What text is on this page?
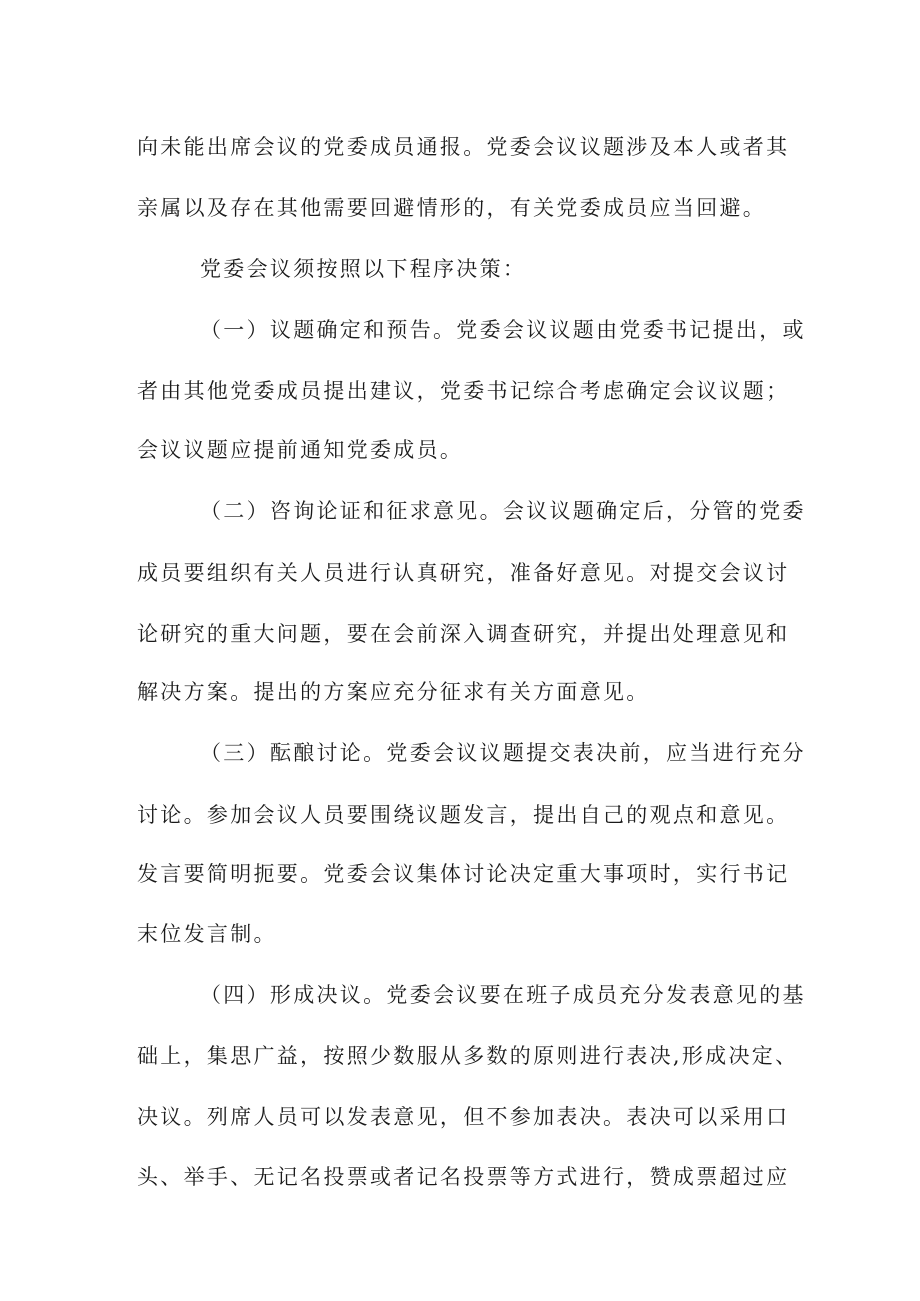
向未能出席会议的党委成员通报。党委会议议题涉及本人或者其
亲属以及存在其他需要回避情形的，有关党委成员应当回避。
党委会议须按照以下程序决策：
（一）议题确定和预告。党委会议议题由党委书记提出，或
者由其他党委成员提出建议，党委书记综合考虑确定会议议题；
会议议题应提前通知党委成员。
（二）咨询论证和征求意见。会议议题确定后，分管的党委
成员要组织有关人员进行认真研究，准备好意见。对提交会议讨
论研究的重大问题，要在会前深入调查研究，并提出处理意见和
解决方案。提出的方案应充分征求有关方面意见。
（三）酝酿讨论。党委会议议题提交表决前，应当进行充分
讨论。参加会议人员要围绕议题发言，提出自己的观点和意见。
发言要简明扼要。党委会议集体讨论决定重大事项时，实行书记
末位发言制。
（四）形成决议。党委会议要在班子成员充分发表意见的基
础上，集思广益，按照少数服从多数的原则进行表决,形成决定、
决议。列席人员可以发表意见，但不参加表决。表决可以采用口
头、举手、无记名投票或者记名投票等方式进行，赞成票超过应
